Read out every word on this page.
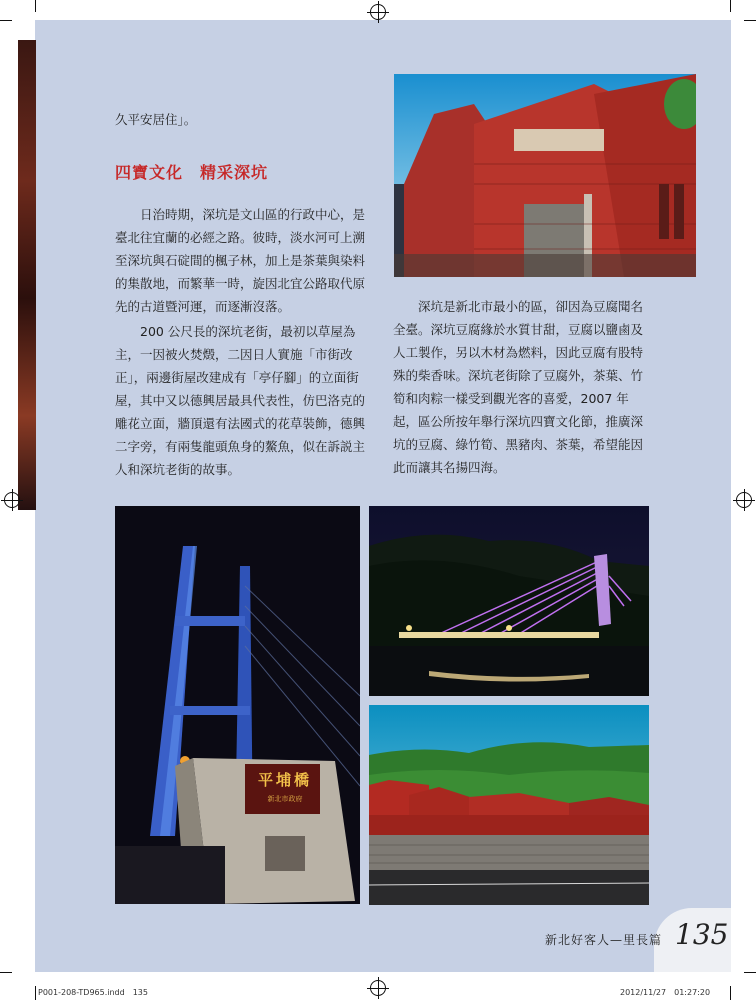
久平安居住」。
四寶文化　精采深坑

日治時期，深坑是文山區的行政中心，是臺北往宜蘭的必經之路。彼時，淡水河可上溯至深坑與石碇間的楓子林，加上是茶葉與染料的集散地，而繁華一時，旋因北宜公路取代原先的古道暨河運，而逐漸沒落。

200 公尺長的深坑老街，最初以草屋為主，一因被火焚燬，二因日人實施「市街改正」，兩邊街屋改建成有「亭仔腳」的立面街屋，其中又以德興居最具代表性，仿巴洛克的雕花立面，牆頂還有法國式的花草裝飾，德興二字旁，有兩隻龍頭魚身的鰲魚，似在訴説主人和深坑老街的故事。

深坑是新北市最小的區，卻因為豆腐聞名全臺。深坑豆腐緣於水質甘甜，豆腐以鹽鹵及人工製作，另以木材為燃料，因此豆腐有股特殊的柴香味。深坑老街除了豆腐外，茶葉、竹筍和肉粽一樣受到觀光客的喜愛，2007 年起，區公所按年舉行深坑四寶文化節，推廣深坑的豆腐、綠竹筍、黑豬肉、茶葉，希望能因此而讓其名揚四海。

平埔橋
新北市政府
新北好客人—里長篇 135
P001-208-TD965.indd　135	2012/11/27　01:27:20
